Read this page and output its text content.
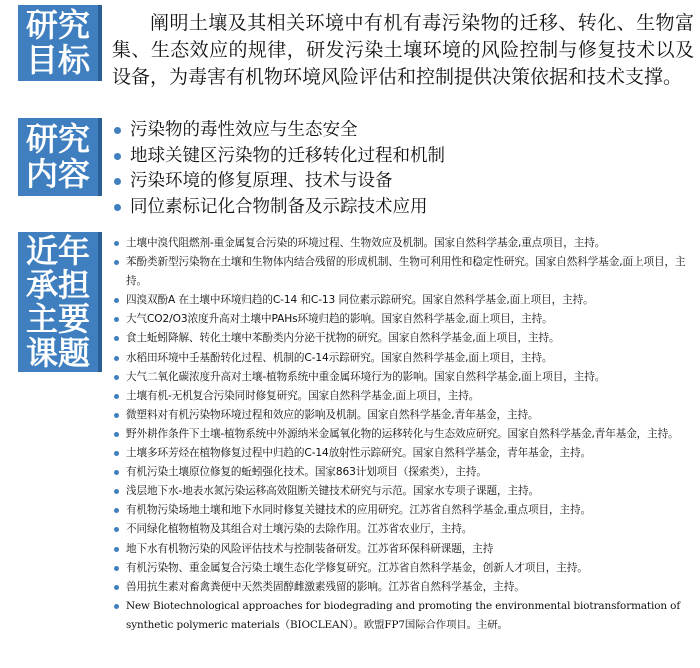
研究
目标

阐明土壤及其相关环境中有机有毒污染物的迁移、转化、生物富集、生态效应的规律，研发污染土壤环境的风险控制与修复技术以及设备，为毒害有机物环境风险评估和控制提供决策依据和技术支撑。

研究
内容
污染物的毒性效应与生态安全
地球关键区污染物的迁移转化过程和机制
污染环境的修复原理、技术与设备
同位素标记化合物制备及示踪技术应用
近年
承担
主要
课题
土壤中溴代阻燃剂-重金属复合污染的环境过程、生物效应及机制。国家自然科学基金,重点项目，主持。
苯酚类新型污染物在土壤和生物体内结合残留的形成机制、生物可利用性和稳定性研究。国家自然科学基金,面上项目，主持。
四溴双酚A 在土壤中环境归趋的C-14 和C-13 同位素示踪研究。国家自然科学基金,面上项目，主持。
大气CO2/O3浓度升高对土壤中PAHs环境归趋的影响。国家自然科学基金,面上项目，主持。
食土蚯蚓降解、转化土壤中苯酚类内分泌干扰物的研究。国家自然科学基金,面上项目，主持。
水稻田环境中壬基酚转化过程、机制的C-14示踪研究。国家自然科学基金,面上项目，主持。
大气二氧化碳浓度升高对土壤-植物系统中重金属环境行为的影响。国家自然科学基金,面上项目，主持。
土壤有机-无机复合污染同时修复研究。国家自然科学基金,面上项目，主持。
微塑料对有机污染物环境过程和效应的影响及机制。国家自然科学基金,青年基金，主持。
野外耕作条件下土壤-植物系统中外源纳米金属氧化物的运移转化与生态效应研究。国家自然科学基金,青年基金，主持。
土壤多环芳烃在植物修复过程中归趋的C-14放射性示踪研究。国家自然科学基金，青年基金，主持。
有机污染土壤原位修复的蚯蚓强化技术。国家863计划项目（探索类），主持。
浅层地下水-地表水氮污染运移高效阻断关键技术研究与示范。国家水专项子课题，主持。
有机物污染场地土壤和地下水同时修复关键技术的应用研究。江苏省自然科学基金,重点项目，主持。
不同绿化植物植物及其组合对土壤污染的去除作用。江苏省农业厅，主持。
地下水有机物污染的风险评估技术与控制装备研发。江苏省环保科研课题，主持
有机污染物、重金属复合污染土壤生态化学修复研究。江苏省自然科学基金，创新人才项目，主持。
兽用抗生素对畜禽粪便中天然类固醇雌激素残留的影响。江苏省自然科学基金，主持。
New Biotechnological approaches for biodegrading and promoting the environmental biotransformation of synthetic polymeric materials（BIOCLEAN）。欧盟FP7国际合作项目。主研。
